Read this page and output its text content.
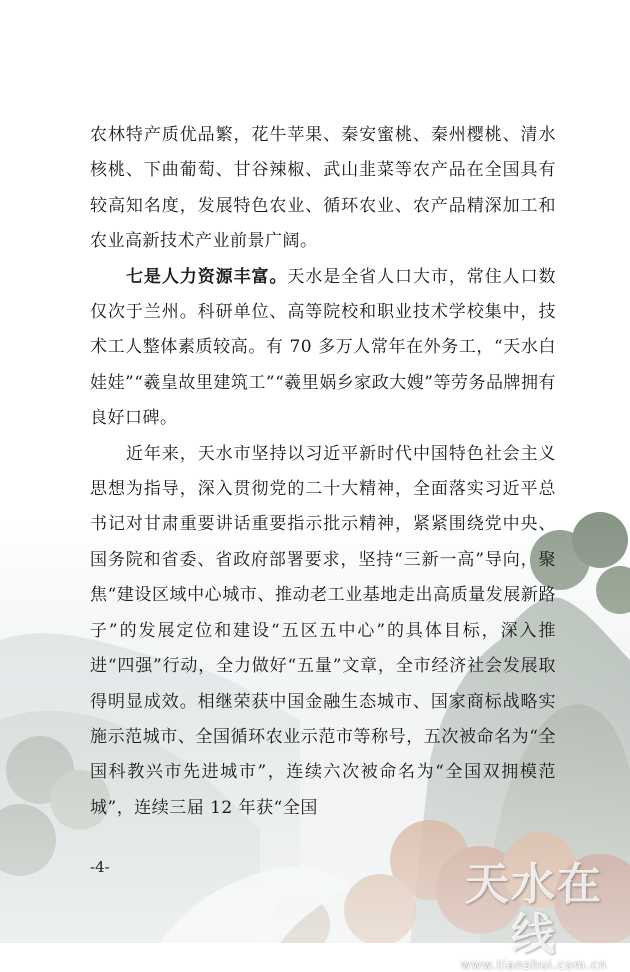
农林特产质优品繁，花牛苹果、秦安蜜桃、秦州樱桃、清水核桃、下曲葡萄、甘谷辣椒、武山韭菜等农产品在全国具有较高知名度，发展特色农业、循环农业、农产品精深加工和农业高新技术产业前景广阔。

七是人力资源丰富。天水是全省人口大市，常住人口数仅次于兰州。科研单位、高等院校和职业技术学校集中，技术工人整体素质较高。有 70 多万人常年在外务工，“天水白娃娃”“羲皇故里建筑工”“羲里娲乡家政大嫂”等劳务品牌拥有良好口碑。

近年来，天水市坚持以习近平新时代中国特色社会主义思想为指导，深入贯彻党的二十大精神，全面落实习近平总书记对甘肃重要讲话重要指示批示精神，紧紧围绕党中央、国务院和省委、省政府部署要求，坚持“三新一高”导向，聚焦“建设区域中心城市、推动老工业基地走出高质量发展新路子”的发展定位和建设“五区五中心”的具体目标，深入推进“四强”行动，全力做好“五量”文章，全市经济社会发展取得明显成效。相继荣获中国金融生态城市、国家商标战略实施示范城市、全国循环农业示范市等称号，五次被命名为“全国科教兴市先进城市”，连续六次被命名为“全国双拥模范城”，连续三届 12 年获“全国

-4-	天水在线
www.tianshui.com.cn
